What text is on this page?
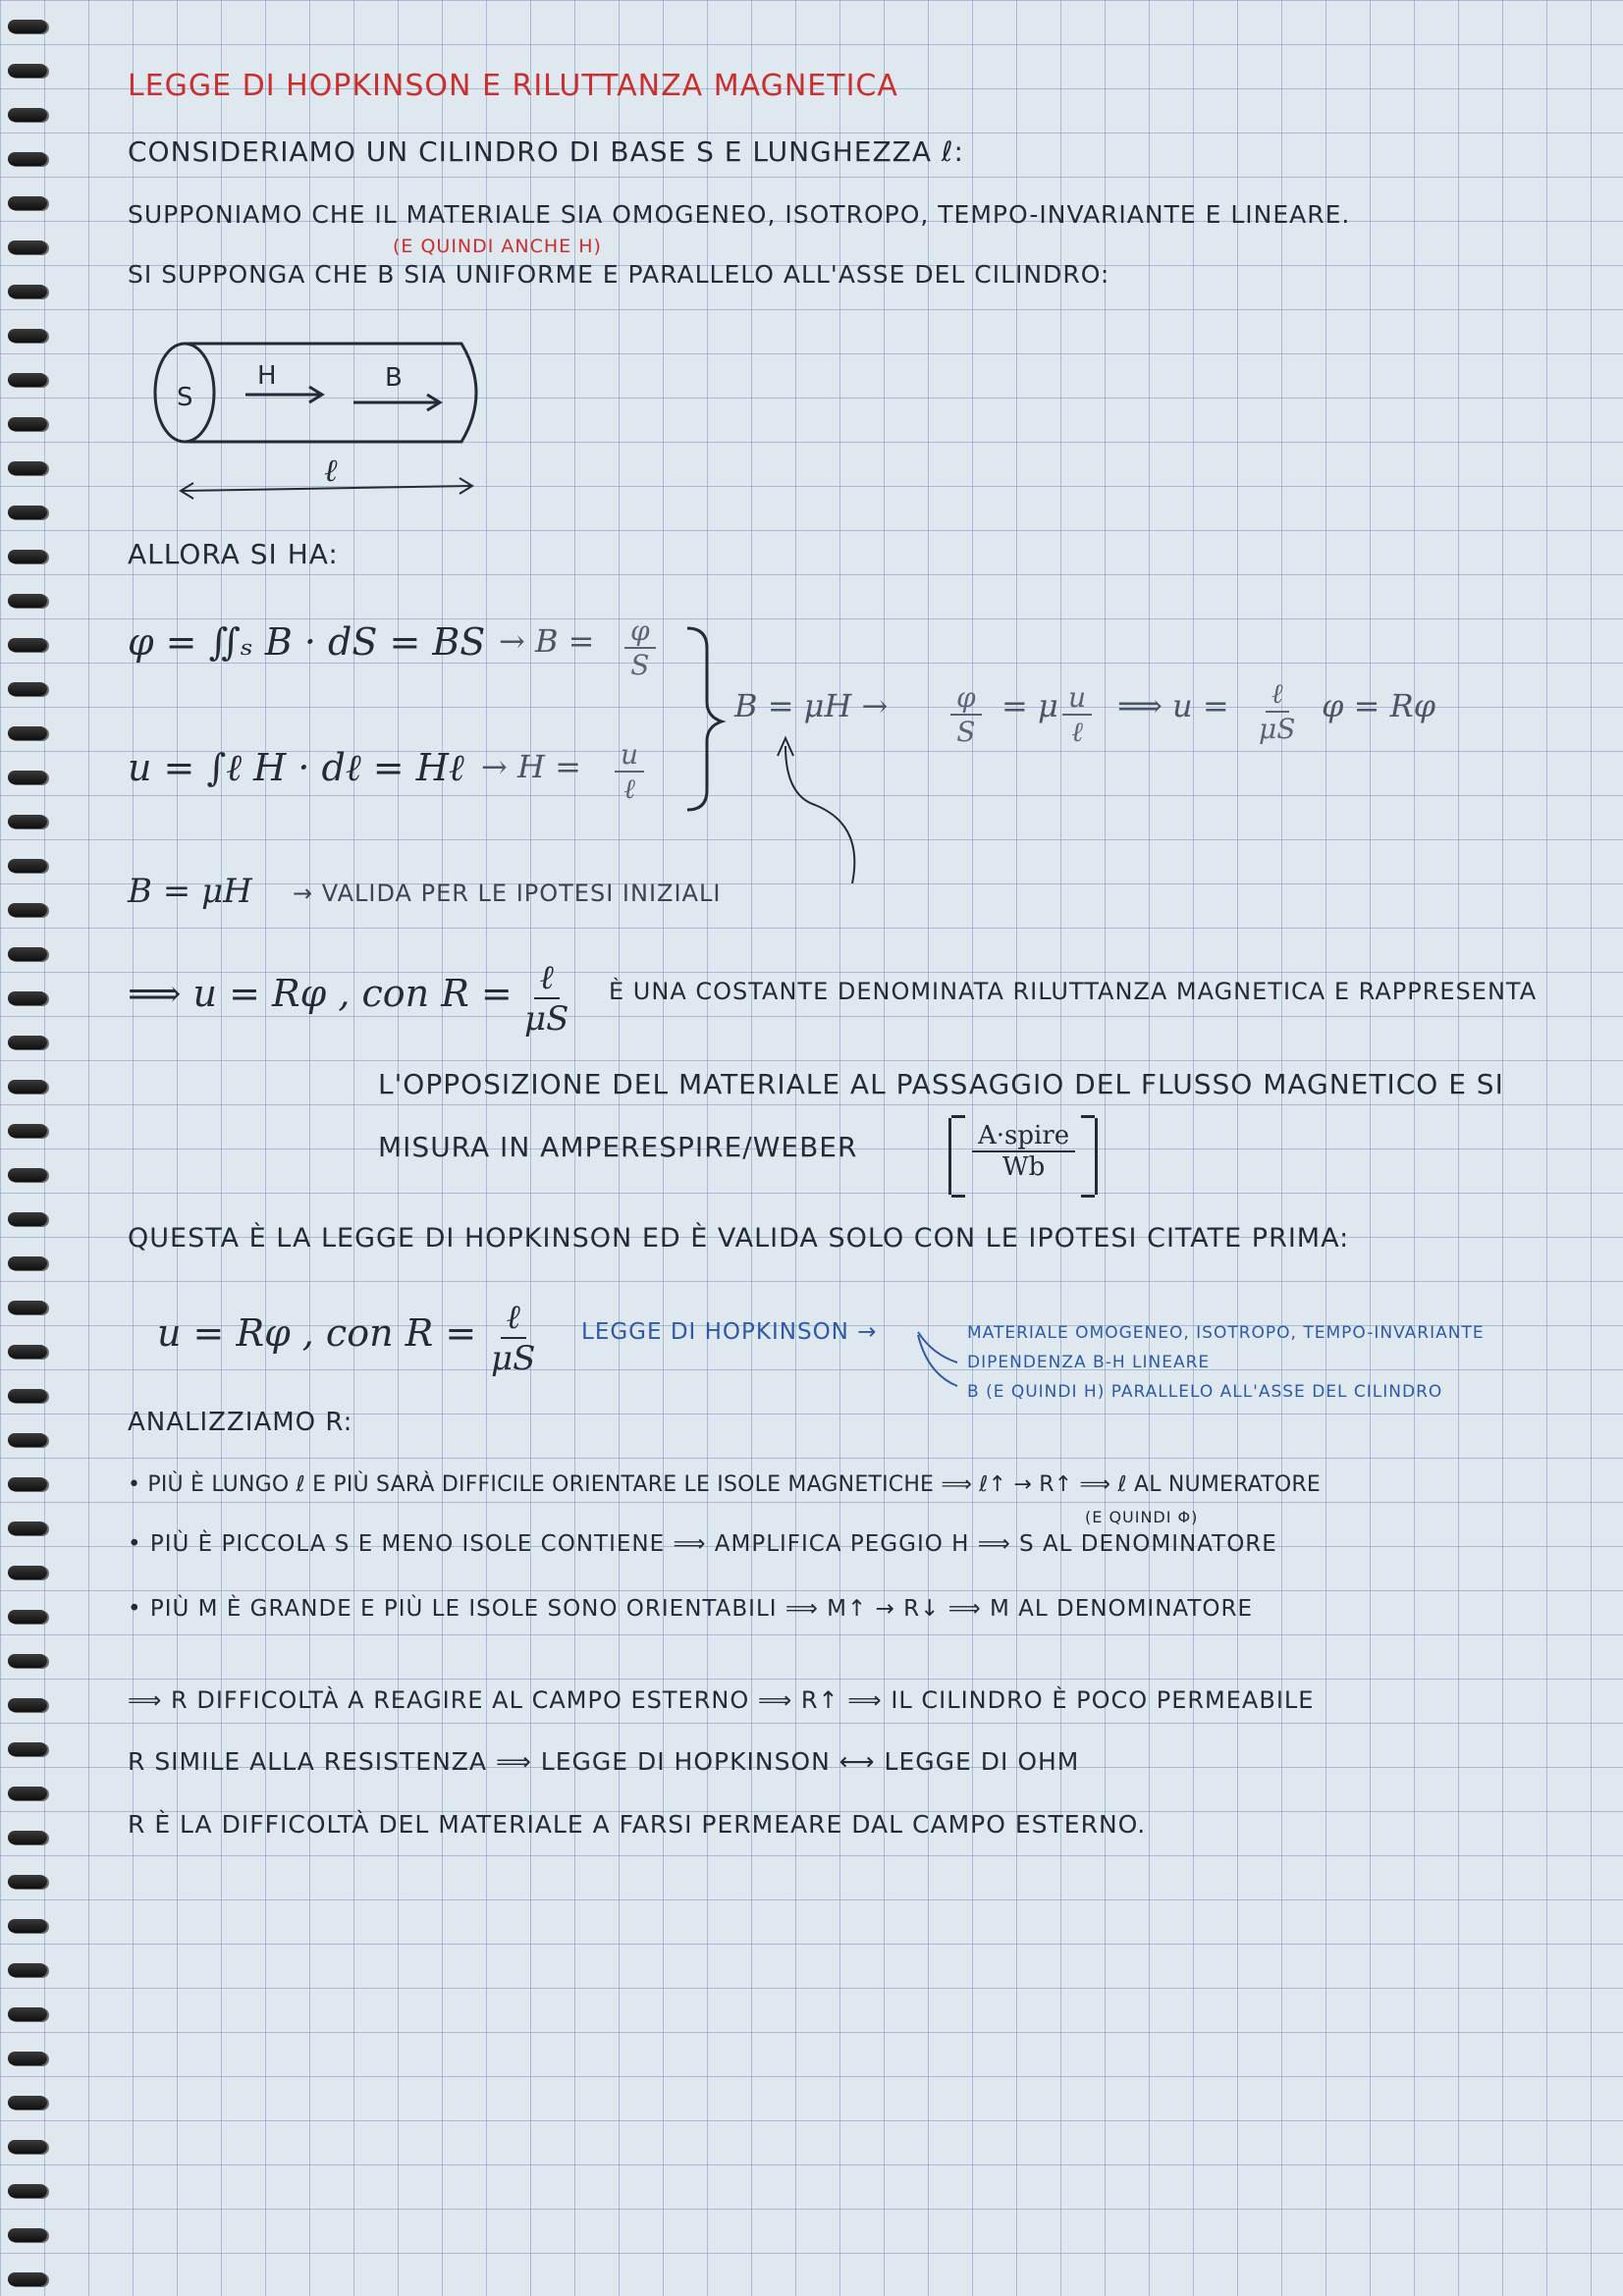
LEGGE DI HOPKINSON E RILUTTANZA MAGNETICA
CONSIDERIAMO UN CILINDRO DI BASE S E LUNGHEZZA ℓ:
SUPPONIAMO CHE IL MATERIALE SIA OMOGENEO, ISOTROPO, TEMPO-INVARIANTE E LINEARE.
(E QUINDI ANCHE H)
SI SUPPONGA CHE B SIA UNIFORME E PARALLELO ALL'ASSE DEL CILINDRO:
S
H	B
ℓ
ALLORA SI HA:
φ = ∬ₛ B · dS = BS → $B = \frac{\varphi}{S}$
u = ∫ℓ H · dℓ = Hℓ → H = u
ℓ
$B = \mu H \to \frac{\varphi}{S} = \mu$ u
ℓ
⟹ u = ℓ
μS
φ = Rφ
B = μH → VALIDA PER LE IPOTESI INIZIALI
⟹ u = Rφ , con R = ℓ
μS
È UNA COSTANTE DENOMINATA RILUTTANZA MAGNETICA E RAPPRESENTA
L'OPPOSIZIONE DEL MATERIALE AL PASSAGGIO DEL FLUSSO MAGNETICO E SI
MISURA IN AMPERESPIRE/WEBER	A·spire
Wb
QUESTA È LA LEGGE DI HOPKINSON ED È VALIDA SOLO CON LE IPOTESI CITATE PRIMA:
u = Rφ , con R = ℓ
μS
LEGGE DI HOPKINSON →	MATERIALE OMOGENEO, ISOTROPO, TEMPO-INVARIANTE
DIPENDENZA B-H LINEARE
B (E QUINDI H) PARALLELO ALL'ASSE DEL CILINDRO
ANALIZZIAMO R:
• PIÙ È LUNGO ℓ E PIÙ SARÀ DIFFICILE ORIENTARE LE ISOLE MAGNETICHE ⟹ ℓ↑ → R↑ ⟹ ℓ AL NUMERATORE
(E QUINDI Φ)
• PIÙ È PICCOLA S E MENO ISOLE CONTIENE ⟹ AMPLIFICA PEGGIO H ⟹ S AL DENOMINATORE
• PIÙ Μ È GRANDE E PIÙ LE ISOLE SONO ORIENTABILI ⟹ Μ↑ → R↓ ⟹ Μ AL DENOMINATORE
⟹ R DIFFICOLTÀ A REAGIRE AL CAMPO ESTERNO ⟹ R↑ ⟹ IL CILINDRO È POCO PERMEABILE
R SIMILE ALLA RESISTENZA ⟹ LEGGE DI HOPKINSON ⟷ LEGGE DI OHM
R È LA DIFFICOLTÀ DEL MATERIALE A FARSI PERMEARE DAL CAMPO ESTERNO.
